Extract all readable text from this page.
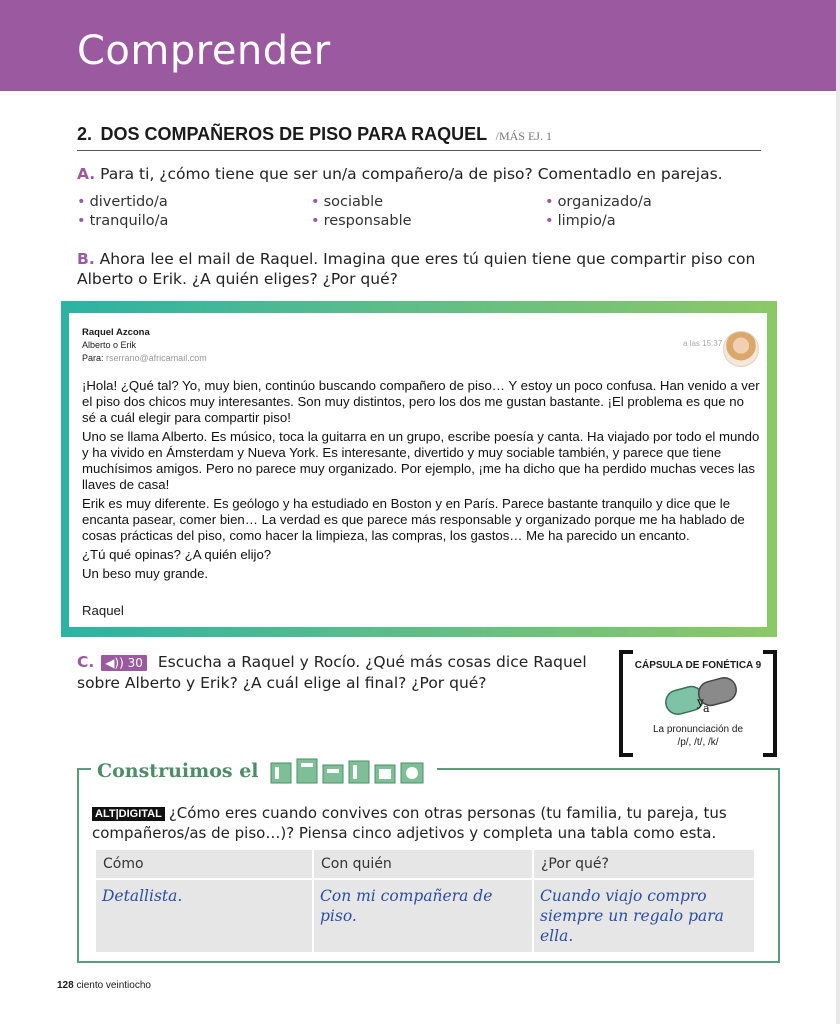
Comprender
2. DOS COMPAÑEROS DE PISO PARA RAQUEL /MÁS EJ. 1
A. Para ti, ¿cómo tiene que ser un/a compañero/a de piso? Comentadlo en parejas.
• divertido/a	• sociable	• organizado/a
• tranquilo/a	• responsable	• limpio/a
B. Ahora lee el mail de Raquel. Imagina que eres tú quien tiene que compartir piso con
Alberto o Erik. ¿A quién eliges? ¿Por qué?
Raquel Azcona
Alberto o Erik
Para: rserrano@africamail.com
a las 15:37

¡Hola! ¿Qué tal? Yo, muy bien, continúo buscando compañero de piso… Y estoy un poco confusa. Han venido a ver el piso dos chicos muy interesantes. Son muy distintos, pero los dos me gustan bastante. ¡El problema es que no sé a cuál elegir para compartir piso!

Uno se llama Alberto. Es músico, toca la guitarra en un grupo, escribe poesía y canta. Ha viajado por todo el mundo y ha vivido en Ámsterdam y Nueva York. Es interesante, divertido y muy sociable también, y parece que tiene muchísimos amigos. Pero no parece muy organizado. Por ejemplo, ¡me ha dicho que ha perdido muchas veces las llaves de casa!

Erik es muy diferente. Es geólogo y ha estudiado en Boston y en París. Parece bastante tranquilo y dice que le encanta pasear, comer bien… La verdad es que parece más responsable y organizado porque me ha hablado de cosas prácticas del piso, como hacer la limpieza, las compras, los gastos… Me ha parecido un encanto.

¿Tú qué opinas? ¿A quién elijo?

Un beso muy grande.

Raquel
C. ◀)) 30 Escucha a Raquel y Rocío. ¿Qué más cosas dice Raquel
sobre Alberto y Erik? ¿A cuál elige al final? ¿Por qué?
CÁPSULA DE FONÉTICA 9
y a
La pronunciación de
/p/, /t/, /k/
Construimos el
ALT|DIGITAL ¿Cómo eres cuando convives con otras personas (tu familia, tu pareja, tus
compañeros/as de piso…)? Piensa cinco adjetivos y completa una tabla como esta.
Cómo	Con quién	¿Por qué?
Detallista.	Con mi compañera de piso.	Cuando viajo compro siempre un regalo para ella.
128 ciento veintiocho
